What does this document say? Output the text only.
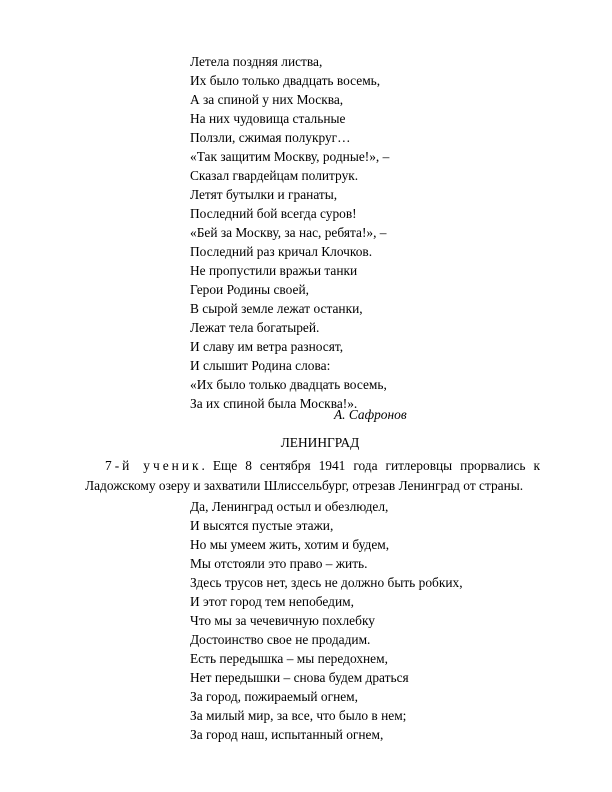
Летела поздняя листва,
Их было только двадцать восемь,
А за спиной у них Москва,
На них чудовища стальные
Ползли, сжимая полукруг…
«Так защитим Москву, родные!», –
Сказал гвардейцам политрук.
Летят бутылки и гранаты,
Последний бой всегда суров!
«Бей за Москву, за нас, ребята!», –
Последний раз кричал Клочков.
Не пропустили вражьи танки
Герои Родины своей,
В сырой земле лежат останки,
Лежат тела богатырей.
И славу им ветра разносят,
И слышит Родина слова:
«Их было только двадцать восемь,
За их спиной была Москва!».
А. Сафронов
ЛЕНИНГРАД

7-й ученик. Еще 8 сентября 1941 года гитлеровцы прорвались к Ладожскому озеру и захватили Шлиссельбург, отрезав Ленинград от страны.

Да, Ленинград остыл и обезлюдел,
И высятся пустые этажи,
Но мы умеем жить, хотим и будем,
Мы отстояли это право – жить.
Здесь трусов нет, здесь не должно быть робких,
И этот город тем непобедим,
Что мы за чечевичную похлебку
Достоинство свое не продадим.
Есть передышка – мы передохнем,
Нет передышки – снова будем драться
За город, пожираемый огнем,
За милый мир, за все, что было в нем;
За город наш, испытанный огнем,
